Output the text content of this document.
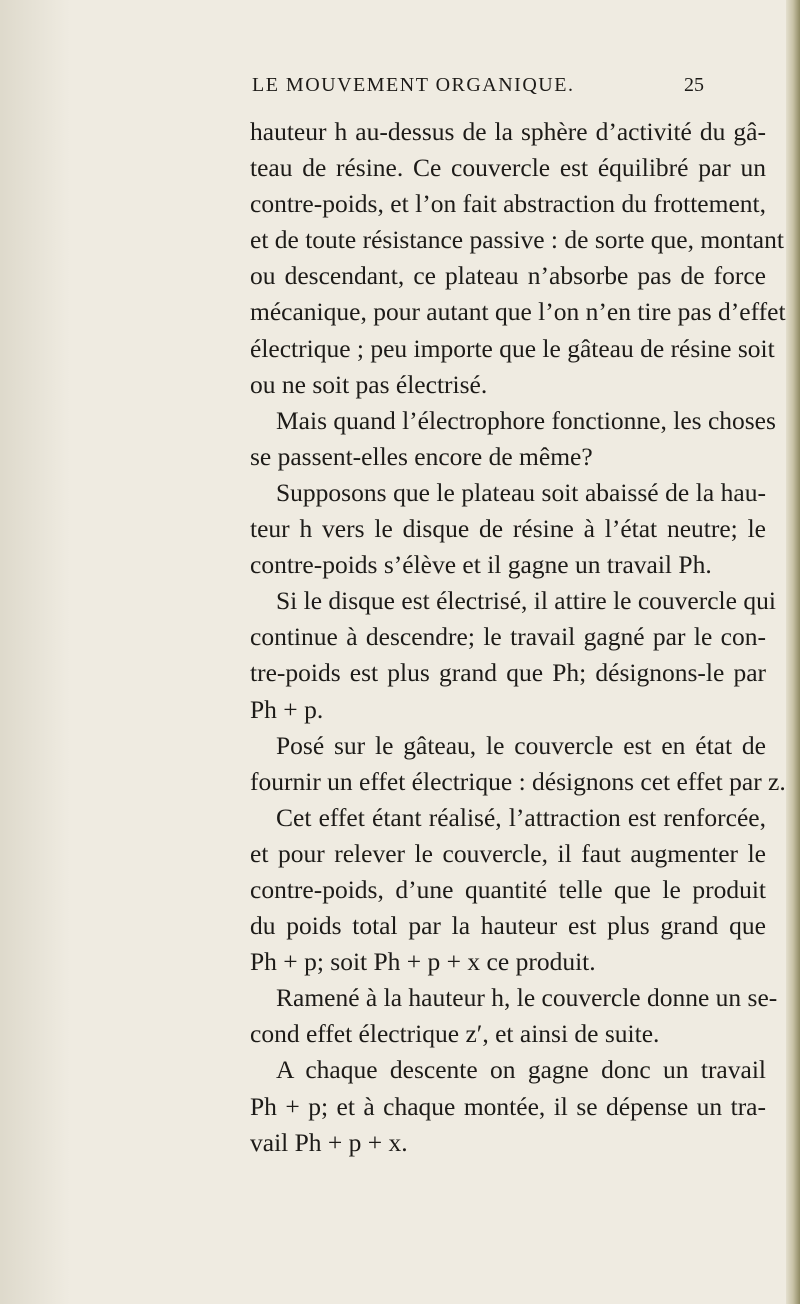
LE MOUVEMENT ORGANIQUE.	25
hauteur h au-dessus de la sphère d’activité du gâ-
teau de résine. Ce couvercle est équilibré par un
contre-poids, et l’on fait abstraction du frottement,
et de toute résistance passive : de sorte que, montant
ou descendant, ce plateau n’absorbe pas de force
mécanique, pour autant que l’on n’en tire pas d’effet
électrique ; peu importe que le gâteau de résine soit
ou ne soit pas électrisé.
Mais quand l’électrophore fonctionne, les choses
se passent-elles encore de même?
Supposons que le plateau soit abaissé de la hau-
teur h vers le disque de résine à l’état neutre; le
contre-poids s’élève et il gagne un travail Ph.
Si le disque est électrisé, il attire le couvercle qui
continue à descendre; le travail gagné par le con-
tre-poids est plus grand que Ph; désignons-le par
Ph + p.
Posé sur le gâteau, le couvercle est en état de
fournir un effet électrique : désignons cet effet par z.
Cet effet étant réalisé, l’attraction est renforcée,
et pour relever le couvercle, il faut augmenter le
contre-poids, d’une quantité telle que le produit
du poids total par la hauteur est plus grand que
Ph + p; soit Ph + p + x ce produit.
Ramené à la hauteur h, le couvercle donne un se-
cond effet électrique z′, et ainsi de suite.
A chaque descente on gagne donc un travail
Ph + p; et à chaque montée, il se dépense un tra-
vail Ph + p + x.
